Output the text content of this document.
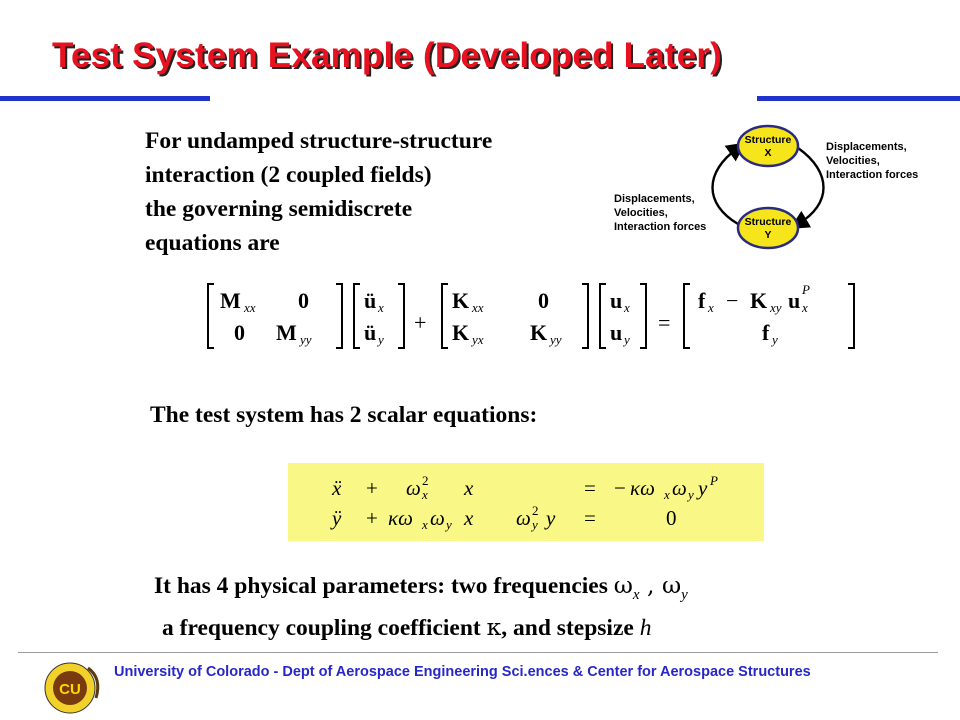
Test System Example (Developed Later)
For undamped structure-structure
interaction (2 coupled fields)
the governing semidiscrete
equations are
Structure
X
Structure
Y
Displacements,
Velocities,
Interaction forces
Displacements,
Velocities,
Interaction forces
M xx 0
0 M yy
ü x
ü y
+
K xx 0
K yx K yy
u x
u y
=
f x − K xy u x
P
f y
The test system has 2 scalar equations:
ẍ + ω 2
x x	= − κω x ω y y P
ÿ + κω x ω y x ω 2
y y =	0
It has 4 physical parameters: two frequencies $\omega_x$ , $\omega_y$
a frequency coupling coefficient κ, and stepsize h
CU
University of Colorado - Dept of Aerospace Engineering Sci.ences & Center for Aerospace Structures
